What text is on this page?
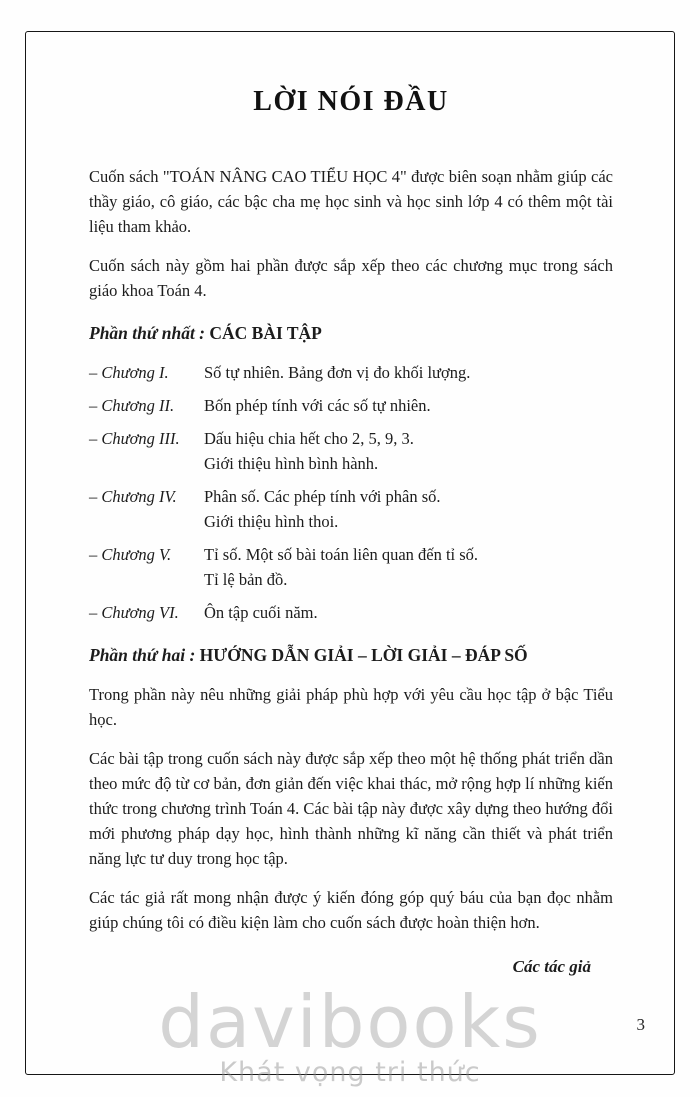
LỜI NÓI ĐẦU

Cuốn sách "TOÁN NÂNG CAO TIỂU HỌC 4" được biên soạn nhằm giúp các thầy giáo, cô giáo, các bậc cha mẹ học sinh và học sinh lớp 4 có thêm một tài liệu tham khảo.

Cuốn sách này gồm hai phần được sắp xếp theo các chương mục trong sách giáo khoa Toán 4.

Phần thứ nhất : CÁC BÀI TẬP
– Chương I.	Số tự nhiên. Bảng đơn vị đo khối lượng.
– Chương II.	Bốn phép tính với các số tự nhiên.
– Chương III.	Dấu hiệu chia hết cho 2, 5, 9, 3.
Giới thiệu hình bình hành.
– Chương IV.	Phân số. Các phép tính với phân số.
Giới thiệu hình thoi.
– Chương V.	Tỉ số. Một số bài toán liên quan đến tỉ số.
Tỉ lệ bản đồ.
– Chương VI.	Ôn tập cuối năm.
Phần thứ hai : HƯỚNG DẪN GIẢI – LỜI GIẢI – ĐÁP SỐ

Trong phần này nêu những giải pháp phù hợp với yêu cầu học tập ở bậc Tiểu học.

Các bài tập trong cuốn sách này được sắp xếp theo một hệ thống phát triển dần theo mức độ từ cơ bản, đơn giản đến việc khai thác, mở rộng hợp lí những kiến thức trong chương trình Toán 4. Các bài tập này được xây dựng theo hướng đổi mới phương pháp dạy học, hình thành những kĩ năng cần thiết và phát triển năng lực tư duy trong học tập.

Các tác giả rất mong nhận được ý kiến đóng góp quý báu của bạn đọc nhằm giúp chúng tôi có điều kiện làm cho cuốn sách được hoàn thiện hơn.

Các tác giả
davibooks
Khát vọng tri thức
3
